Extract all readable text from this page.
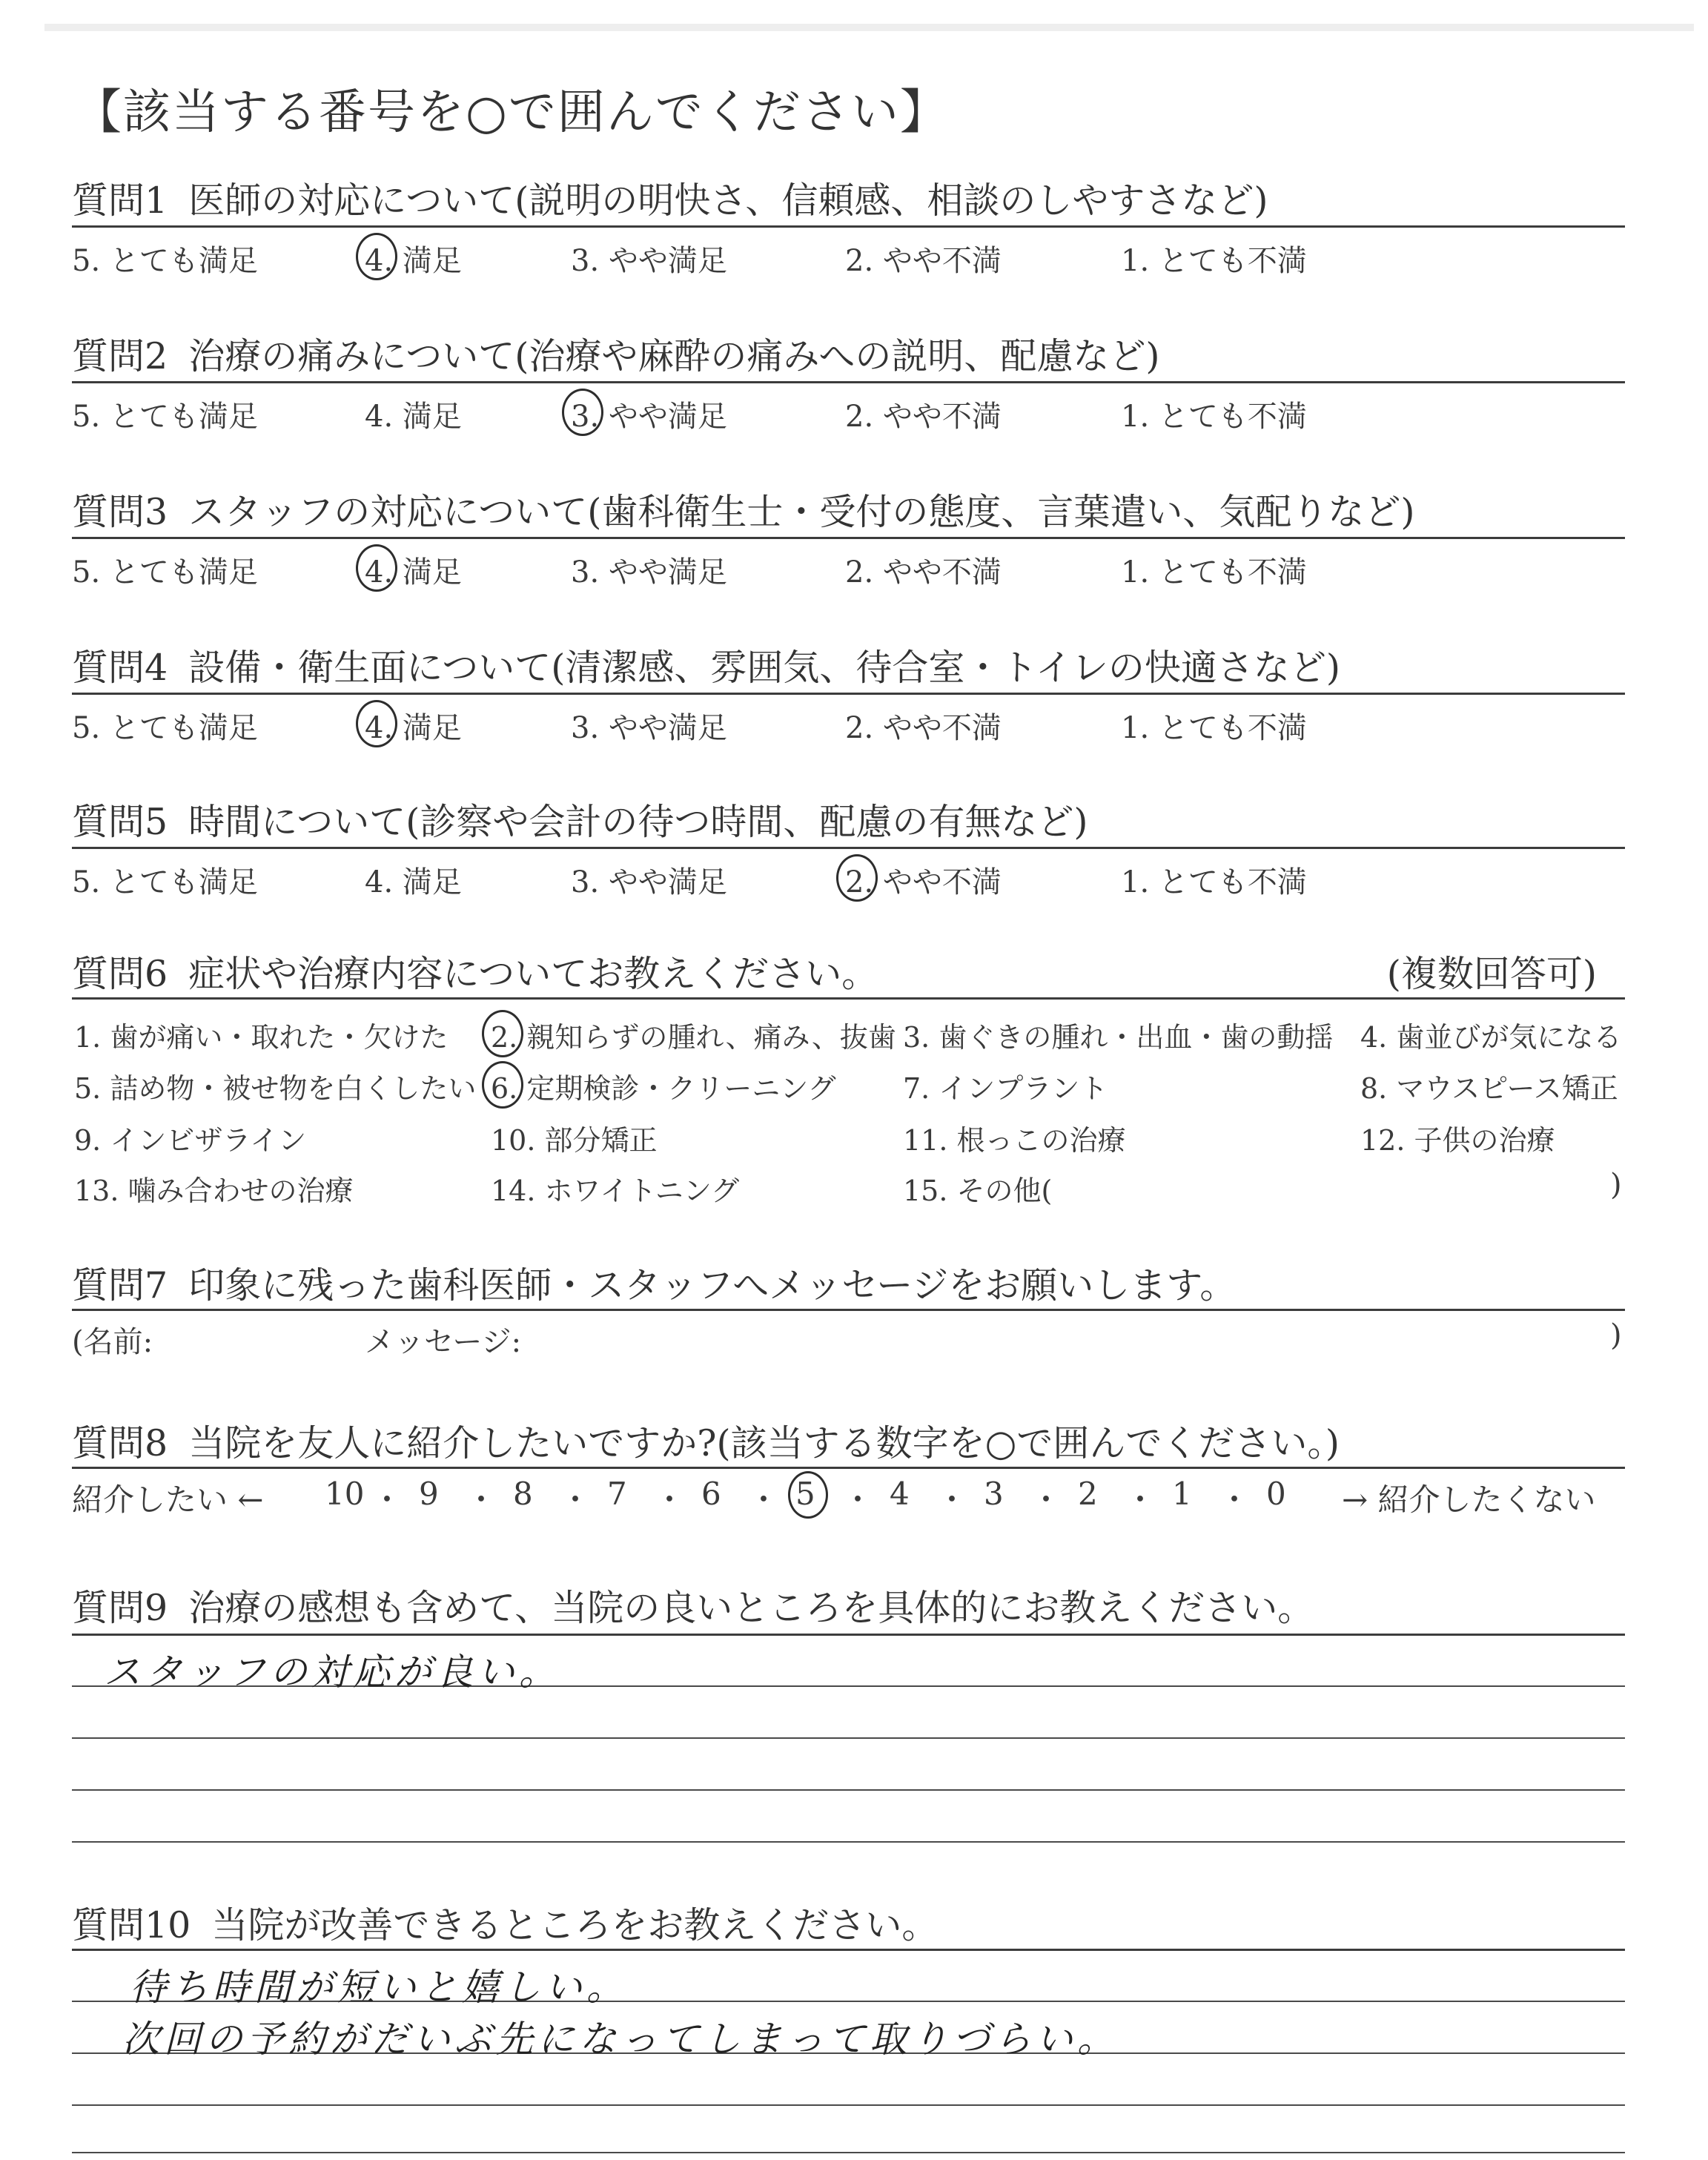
【該当する番号を○で囲んでください】
質問1 医師の対応について(説明の明快さ、信頼感、相談のしやすさなど)
5. とても満足	4. 満足	3. やや満足	2. やや不満	1. とても不満
質問2 治療の痛みについて(治療や麻酔の痛みへの説明、配慮など)
5. とても満足	4. 満足	3. やや満足	2. やや不満	1. とても不満
質問3 スタッフの対応について(歯科衛生士・受付の態度、言葉遣い、気配りなど)
5. とても満足	4. 満足	3. やや満足	2. やや不満	1. とても不満
質問4 設備・衛生面について(清潔感、雰囲気、待合室・トイレの快適さなど)
5. とても満足	4. 満足	3. やや満足	2. やや不満	1. とても不満
質問5 時間について(診察や会計の待つ時間、配慮の有無など)
5. とても満足	4. 満足	3. やや満足	2. やや不満	1. とても不満
質問6 症状や治療内容についてお教えください。	(複数回答可)
1. 歯が痛い・取れた・欠けた 2. 親知らずの腫れ、痛み、抜歯 3. 歯ぐきの腫れ・出血・歯の動揺 4. 歯並びが気になる
5. 詰め物・被せ物を白くしたい 6. 定期検診・クリーニング 7. インプラント	8. マウスピース矯正
9. インビザライン	10. 部分矯正	11. 根っこの治療	12. 子供の治療
13. 噛み合わせの治療	14. ホワイトニング	15. その他(	)
質問7 印象に残った歯科医師・スタッフへメッセージをお願いします。
(名前:	メッセージ:	)
質問8 当院を友人に紹介したいですか?(該当する数字を○で囲んでください。)
紹介したい ←	→ 紹介したくない
10 ・ 9 ・ 8 ・ 7 ・ 6 ・ 5 ・ 4 ・ 3 ・ 2 ・ 1 ・ 0
質問9 治療の感想も含めて、当院の良いところを具体的にお教えください。
スタッフの対応が良い。
質問10 当院が改善できるところをお教えください。
待ち時間が短いと嬉しい。
次回の予約がだいぶ先になってしまって取りづらい。
